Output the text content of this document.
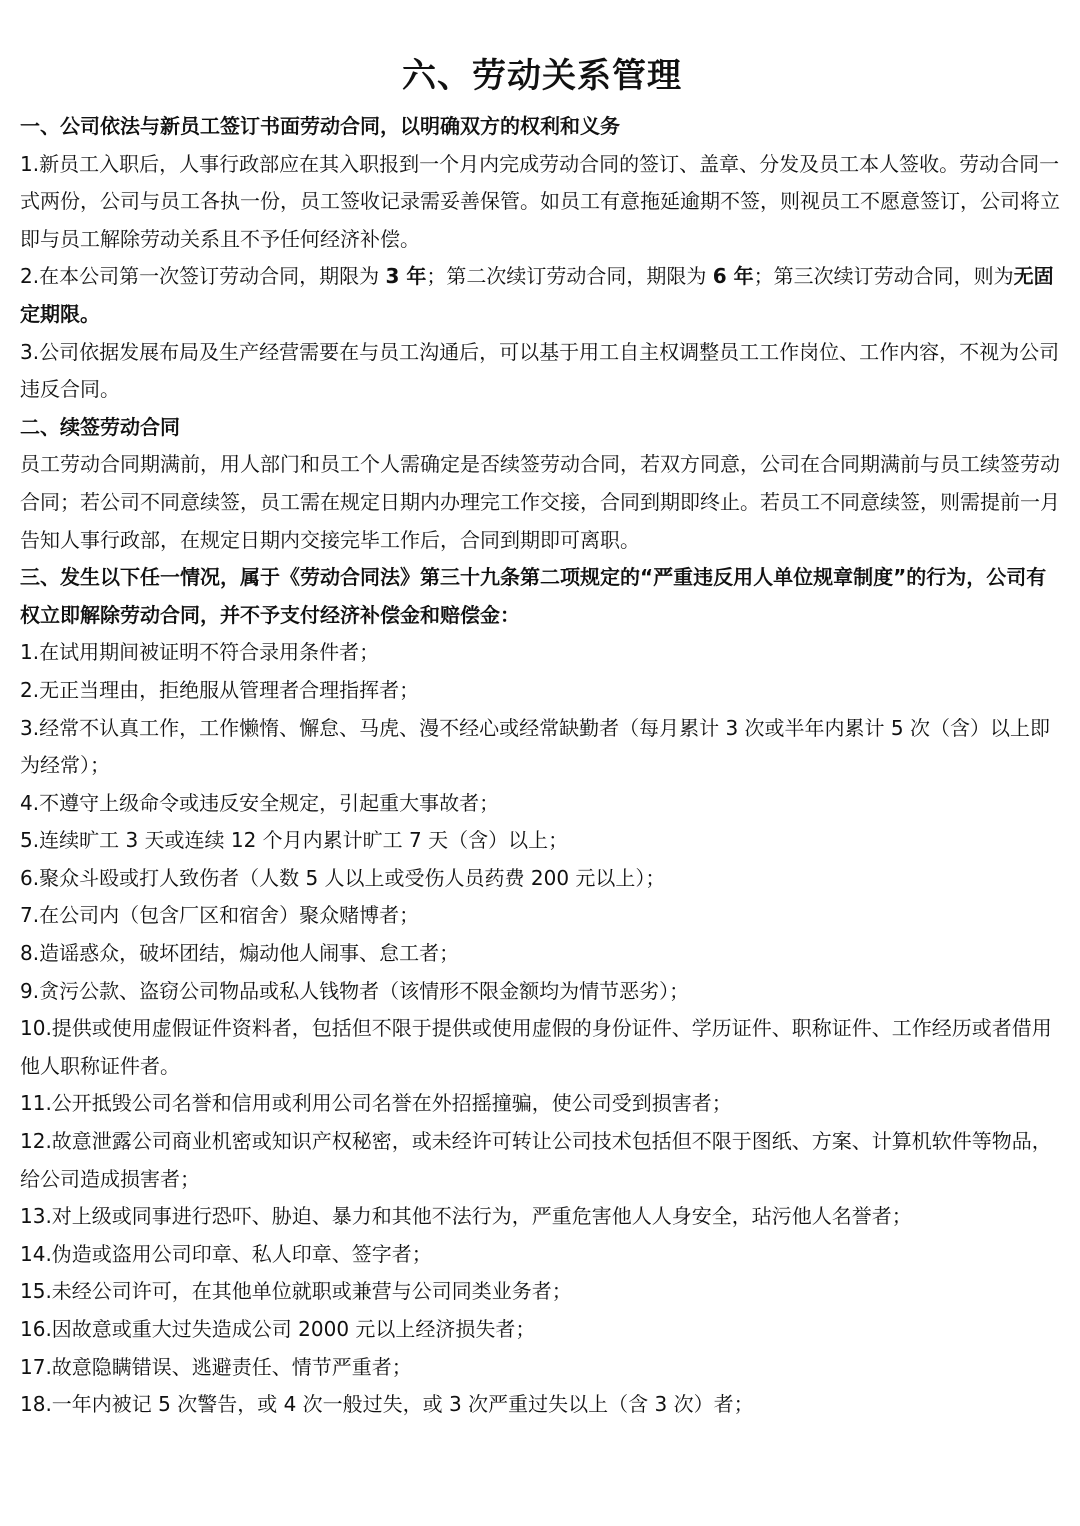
六、劳动关系管理

一、公司依法与新员工签订书面劳动合同，以明确双方的权利和义务

1.新员工入职后，人事行政部应在其入职报到一个月内完成劳动合同的签订、盖章、分发及员工本人签收。劳动合同一式两份，公司与员工各执一份，员工签收记录需妥善保管。如员工有意拖延逾期不签，则视员工不愿意签订，公司将立即与员工解除劳动关系且不予任何经济补偿。

2.在本公司第一次签订劳动合同，期限为 3 年；第二次续订劳动合同，期限为 6 年；第三次续订劳动合同，则为无固定期限。

3.公司依据发展布局及生产经营需要在与员工沟通后，可以基于用工自主权调整员工工作岗位、工作内容，不视为公司违反合同。

二、续签劳动合同

员工劳动合同期满前，用人部门和员工个人需确定是否续签劳动合同，若双方同意，公司在合同期满前与员工续签劳动合同；若公司不同意续签，员工需在规定日期内办理完工作交接，合同到期即终止。若员工不同意续签，则需提前一月告知人事行政部，在规定日期内交接完毕工作后，合同到期即可离职。

三、发生以下任一情况，属于《劳动合同法》第三十九条第二项规定的“严重违反用人单位规章制度”的行为，公司有权立即解除劳动合同，并不予支付经济补偿金和赔偿金：

1.在试用期间被证明不符合录用条件者；

2.无正当理由，拒绝服从管理者合理指挥者；

3.经常不认真工作，工作懒惰、懈怠、马虎、漫不经心或经常缺勤者（每月累计 3 次或半年内累计 5 次（含）以上即为经常）；

4.不遵守上级命令或违反安全规定，引起重大事故者；

5.连续旷工 3 天或连续 12 个月内累计旷工 7 天（含）以上；

6.聚众斗殴或打人致伤者（人数 5 人以上或受伤人员药费 200 元以上）；

7.在公司内（包含厂区和宿舍）聚众赌博者；

8.造谣惑众，破坏团结，煽动他人闹事、怠工者；

9.贪污公款、盗窃公司物品或私人钱物者（该情形不限金额均为情节恶劣）；

10.提供或使用虚假证件资料者，包括但不限于提供或使用虚假的身份证件、学历证件、职称证件、工作经历或者借用他人职称证件者。

11.公开抵毁公司名誉和信用或利用公司名誉在外招摇撞骗，使公司受到损害者；

12.故意泄露公司商业机密或知识产权秘密，或未经许可转让公司技术包括但不限于图纸、方案、计算机软件等物品，给公司造成损害者；

13.对上级或同事进行恐吓、胁迫、暴力和其他不法行为，严重危害他人人身安全，玷污他人名誉者；

14.伪造或盗用公司印章、私人印章、签字者；

15.未经公司许可，在其他单位就职或兼营与公司同类业务者；

16.因故意或重大过失造成公司 2000 元以上经济损失者；

17.故意隐瞒错误、逃避责任、情节严重者；

18.一年内被记 5 次警告，或 4 次一般过失，或 3 次严重过失以上（含 3 次）者；
